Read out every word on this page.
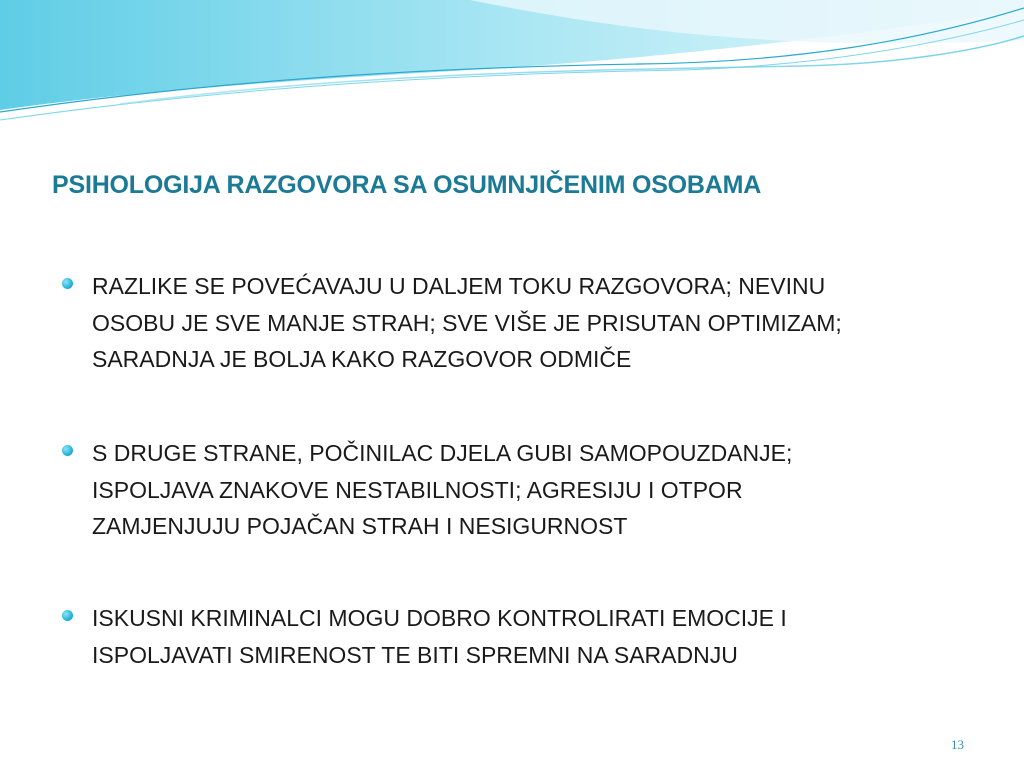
PSIHOLOGIJA RAZGOVORA SA OSUMNJIČENIM OSOBAMA
RAZLIKE SE POVEĆAVAJU U DALJEM TOKU RAZGOVORA; NEVINU
OSOBU JE SVE MANJE STRAH; SVE VIŠE JE PRISUTAN OPTIMIZAM;
SARADNJA JE BOLJA KAKO RAZGOVOR ODMIČE
S DRUGE STRANE, POČINILAC DJELA GUBI SAMOPOUZDANJE;
ISPOLJAVA ZNAKOVE NESTABILNOSTI; AGRESIJU I OTPOR
ZAMJENJUJU POJAČAN STRAH I NESIGURNOST
ISKUSNI KRIMINALCI MOGU DOBRO KONTROLIRATI EMOCIJE I
ISPOLJAVATI SMIRENOST TE BITI SPREMNI NA SARADNJU
13
